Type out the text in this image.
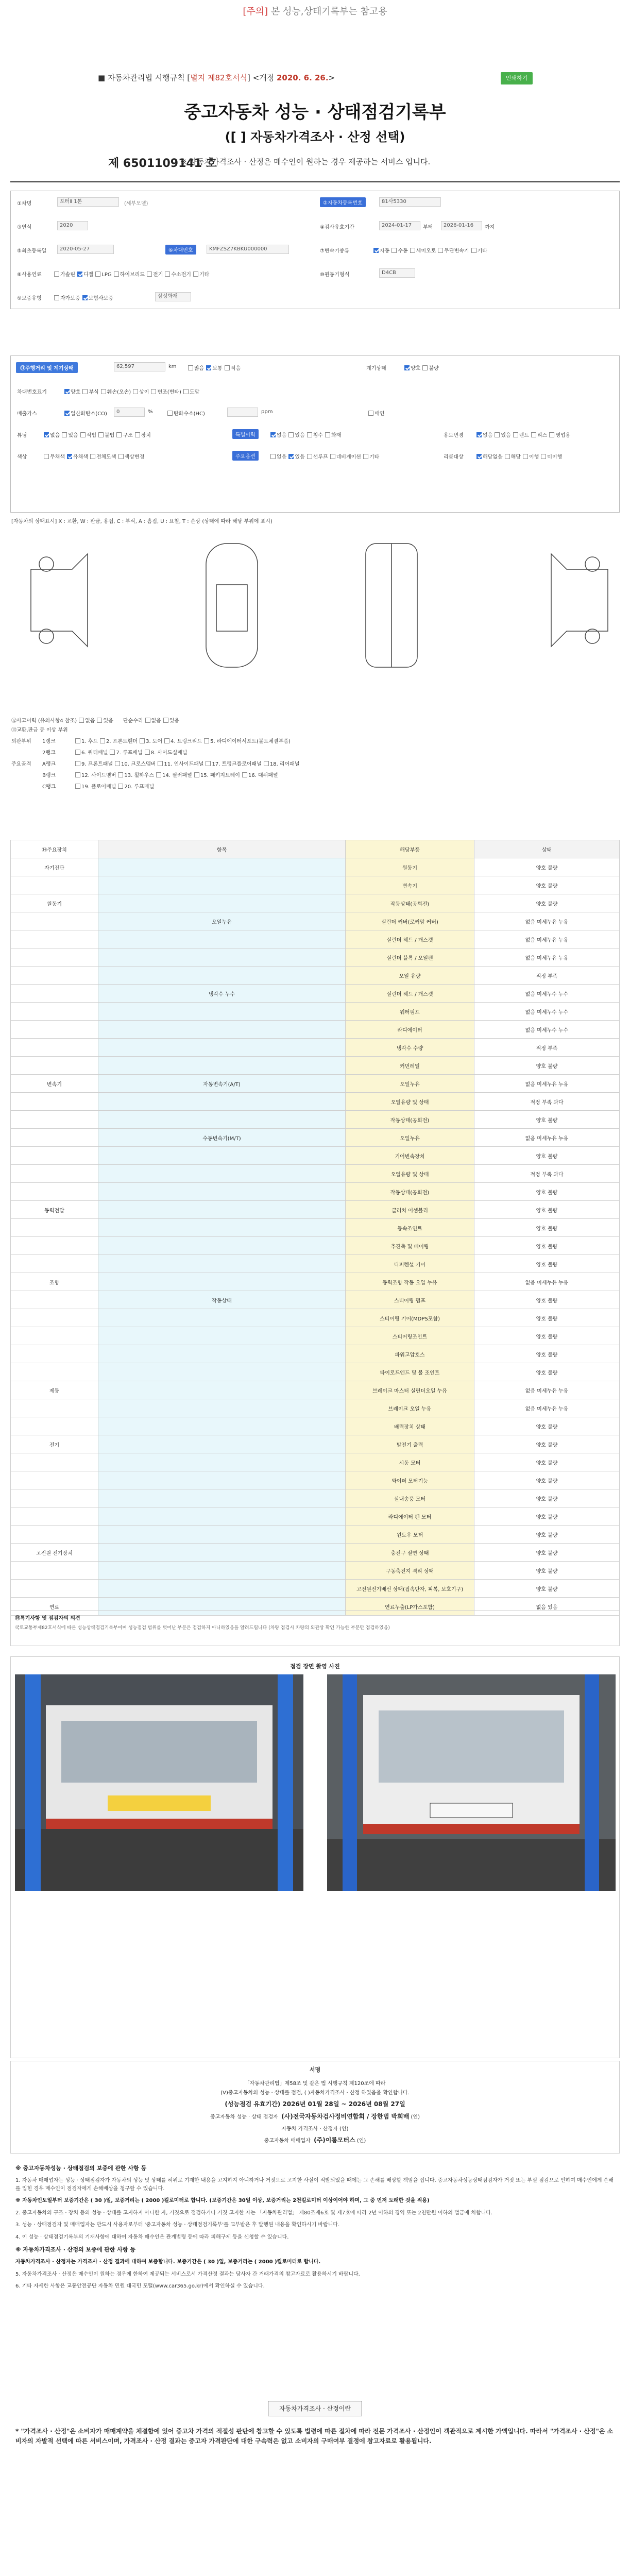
[주의] 본 성능,상태기록부는 참고용
■ 자동차관리법 시행규칙 [별지 제82호서식] <개정 2020. 6. 26.>	인쇄하기
중고자동차 성능 · 상태점검기록부
([ ] 자동차가격조사 · 산정 선택)
제 6501109141 호
※ 자동차가격조사 · 산정은 매수인이 원하는 경우 제공하는 서비스 입니다.
①차명	포터Ⅱ 1톤	(세부모델)	②자동차등록번호	81사5330
③연식	2020	④검사유효기간	2024-01-17	부터	2026-01-16	까지
⑤최초등록일	2020-05-27	⑥차대번호	KMFZSZ7KBKU000000	⑦변속기종류	자동 수동 세미오토 무단변속기 기타
⑧사용연료	가솔린 디젤 LPG 하이브리드 전기 수소전기 기타	⑩원동기형식	D4CB
⑨보증유형	자가보증 보험사보증	삼성화재
⑪주행거리 및 계기상태	62,597	km	많음 보통 적음	계기상태	양호 불량
차대번호표기	양호 부식 훼손(오손) 상이 변조(변타) 도말
배출가스	일산화탄소(CO)	0	%	탄화수소(HC)	ppm	매연
튜닝	없음 있음 적법 불법 구조 장치	특별이력	없음 있음 침수 화재	용도변경	없음 있음 렌트 리스 영업용
색상	무채색 유채색 전체도색 색상변경	주요옵션	없음 있음 선루프 네비게이션 기타	리콜대상	해당없음 해당 이행 미이행
[자동차의 상태표시] X : 교환, W : 판금, 용접, C : 부식, A : 흠집, U : 요철, T : 손상 (상태에 따라 해당 부위에 표시)
⑫사고이력 (유의사항4 참조) 없음 있음 단순수리 없음 있음
⑬교환,판금 등 이상 부위
외판부위 1랭크	1. 후드 2. 프론트휀더 3. 도어 4. 트렁크리드 5. 라디에이터서포트(볼트체결부품)
2랭크	6. 쿼터패널 7. 루프패널 8. 사이드실패널
주요골격 A랭크	9. 프론트패널 10. 크로스멤버 11. 인사이드패널 17. 트렁크플로어패널 18. 리어패널
B랭크	12. 사이드멤버 13. 휠하우스 14. 필러패널 15. 패키지트레이 16. 대쉬패널
C랭크	19. 플로어패널 20. 루프패널
⑭주요장치	항목	해당부품	상태
자기진단		원동기	양호 불량
		변속기	양호 불량
원동기		작동상태(공회전)	양호 불량
	오일누유	실린더 커버(로커암 커버)	없음 미세누유 누유
		실린더 헤드 / 개스켓	없음 미세누유 누유
		실린더 블록 / 오일팬	없음 미세누유 누유
		오일 유량	적정 부족
	냉각수 누수	실린더 헤드 / 개스켓	없음 미세누수 누수
		워터펌프	없음 미세누수 누수
		라디에이터	없음 미세누수 누수
		냉각수 수량	적정 부족
		커먼레일	양호 불량
변속기	자동변속기(A/T)	오일누유	없음 미세누유 누유
		오일유량 및 상태	적정 부족 과다
		작동상태(공회전)	양호 불량
	수동변속기(M/T)	오일누유	없음 미세누유 누유
		기어변속장치	양호 불량
		오일유량 및 상태	적정 부족 과다
		작동상태(공회전)	양호 불량
동력전달		클러치 어셈블리	양호 불량
		등속조인트	양호 불량
		추진축 및 베어링	양호 불량
		디퍼렌셜 기어	양호 불량
조향		동력조향 작동 오일 누유	없음 미세누유 누유
	작동상태	스티어링 펌프	양호 불량
		스티어링 기어(MDPS포함)	양호 불량
		스티어링조인트	양호 불량
		파워고압호스	양호 불량
		타이로드엔드 및 볼 조인트	양호 불량
제동		브레이크 마스터 실린더오일 누유	없음 미세누유 누유
		브레이크 오일 누유	없음 미세누유 누유
		배력장치 상태	양호 불량
전기		발전기 출력	양호 불량
		시동 모터	양호 불량
		와이퍼 모터기능	양호 불량
		실내송풍 모터	양호 불량
		라디에이터 팬 모터	양호 불량
		윈도우 모터	양호 불량
고전원 전기장치		충전구 절연 상태	양호 불량
		구동축전지 격리 상태	양호 불량
		고전원전기배선 상태(접속단자, 피복, 보호기구)	양호 불량
연료		연료누출(LP가스포함)	없음 있음
⑮특기사항 및 점검자의 의견
국토교통부제82호서식에 따른 성능상태점검기록부이며 성능점검 범위를 벗어난 부분은 점검하지 아니하였음을 알려드립니다 (차량 점검시 차량의 외관상 확인 가능한 부분만 점검하였음)
점검 장면 촬영 사진
서명
「자동차관리법」제58조 및 같은 법 시행규칙 제120조에 따라
(Ⅴ)중고자동차의 성능 · 상태를 점검, ( )자동차가격조사 · 산정 하였음을 확인합니다.
(성능점검 유효기간) 2026년 01월 28일 ~ 2026년 08월 27일
중고자동차 성능 · 상태 점검자 (사)전국자동차검사정비연합회 / 장한범 박희배 (인)
자동차 가격조사 · 산정자 (인)
중고자동차 매매업자 (주)이룸모터스 (인)

※ 중고자동차성능 · 상태점검의 보증에 관한 사항 등

1. 자동차 매매업자는 성능 · 상태점검자가 자동차의 성능 및 상태를 허위로 기재한 내용을 고지하지 아니하거나 거짓으로 고지한 사실이 적발되었을 때에는 그 손해를 배상할 책임을 집니다. 중고자동차성능상태점검자가 거짓 또는 부실 점검으로 인하여 매수인에게 손해를 입힌 경우 매수인이 점검자에게 손해배상을 청구할 수 있습니다.

※ 자동차인도일부터 보증기간은 ( 30 )일, 보증거리는 ( 2000 )킬로미터로 합니다. (보증기간은 30일 이상, 보증거리는 2천킬로미터 이상이어야 하며, 그 중 먼저 도래한 것을 적용)

2. 중고자동차의 구조 · 장치 등의 성능 · 상태를 고지하지 아니한 자, 거짓으로 점검하거나 거짓 고지한 자는 「자동차관리법」 제80조제6호 및 제7호에 따라 2년 이하의 징역 또는 2천만원 이하의 벌금에 처합니다.

3. 성능 · 상태점검자 및 매매업자는 반드시 사용자로부터 '중고자동차 성능 · 상태점검기록부'를 교부받은 후 발행된 내용을 확인하시기 바랍니다.

4. 이 성능 · 상태점검기록부의 기재사항에 대하여 자동차 매수인은 관계법령 등에 따라 피해구제 등을 신청할 수 있습니다.

※ 자동차가격조사 · 산정의 보증에 관한 사항 등

자동차가격조사 · 산정자는 가격조사 · 산정 결과에 대하여 보증합니다. 보증기간은 ( 30 )일, 보증거리는 ( 2000 )킬로미터로 합니다.

5. 자동차가격조사 · 산정은 매수인이 원하는 경우에 한하여 제공되는 서비스로서 가격산정 결과는 당사자 간 거래가격의 참고자료로 활용하시기 바랍니다.

6. 기타 자세한 사항은 교통안전공단 자동차 민원 대국민 포털(www.car365.go.kr)에서 확인하실 수 있습니다.

자동차가격조사 · 산정이란
* "가격조사 · 산정"은 소비자가 매매계약을 체결함에 있어 중고차 가격의 적절성 판단에 참고할 수 있도록 법령에 따른 절차에 따라 전문 가격조사 · 산정인이 객관적으로 제시한 가액입니다. 따라서 "가격조사 · 산정"은 소비자의 자발적 선택에 따른 서비스이며, 가격조사 · 산정 결과는 중고자 가격판단에 대한 구속력은 없고 소비자의 구매여부 결정에 참고자료로 활용됩니다.
